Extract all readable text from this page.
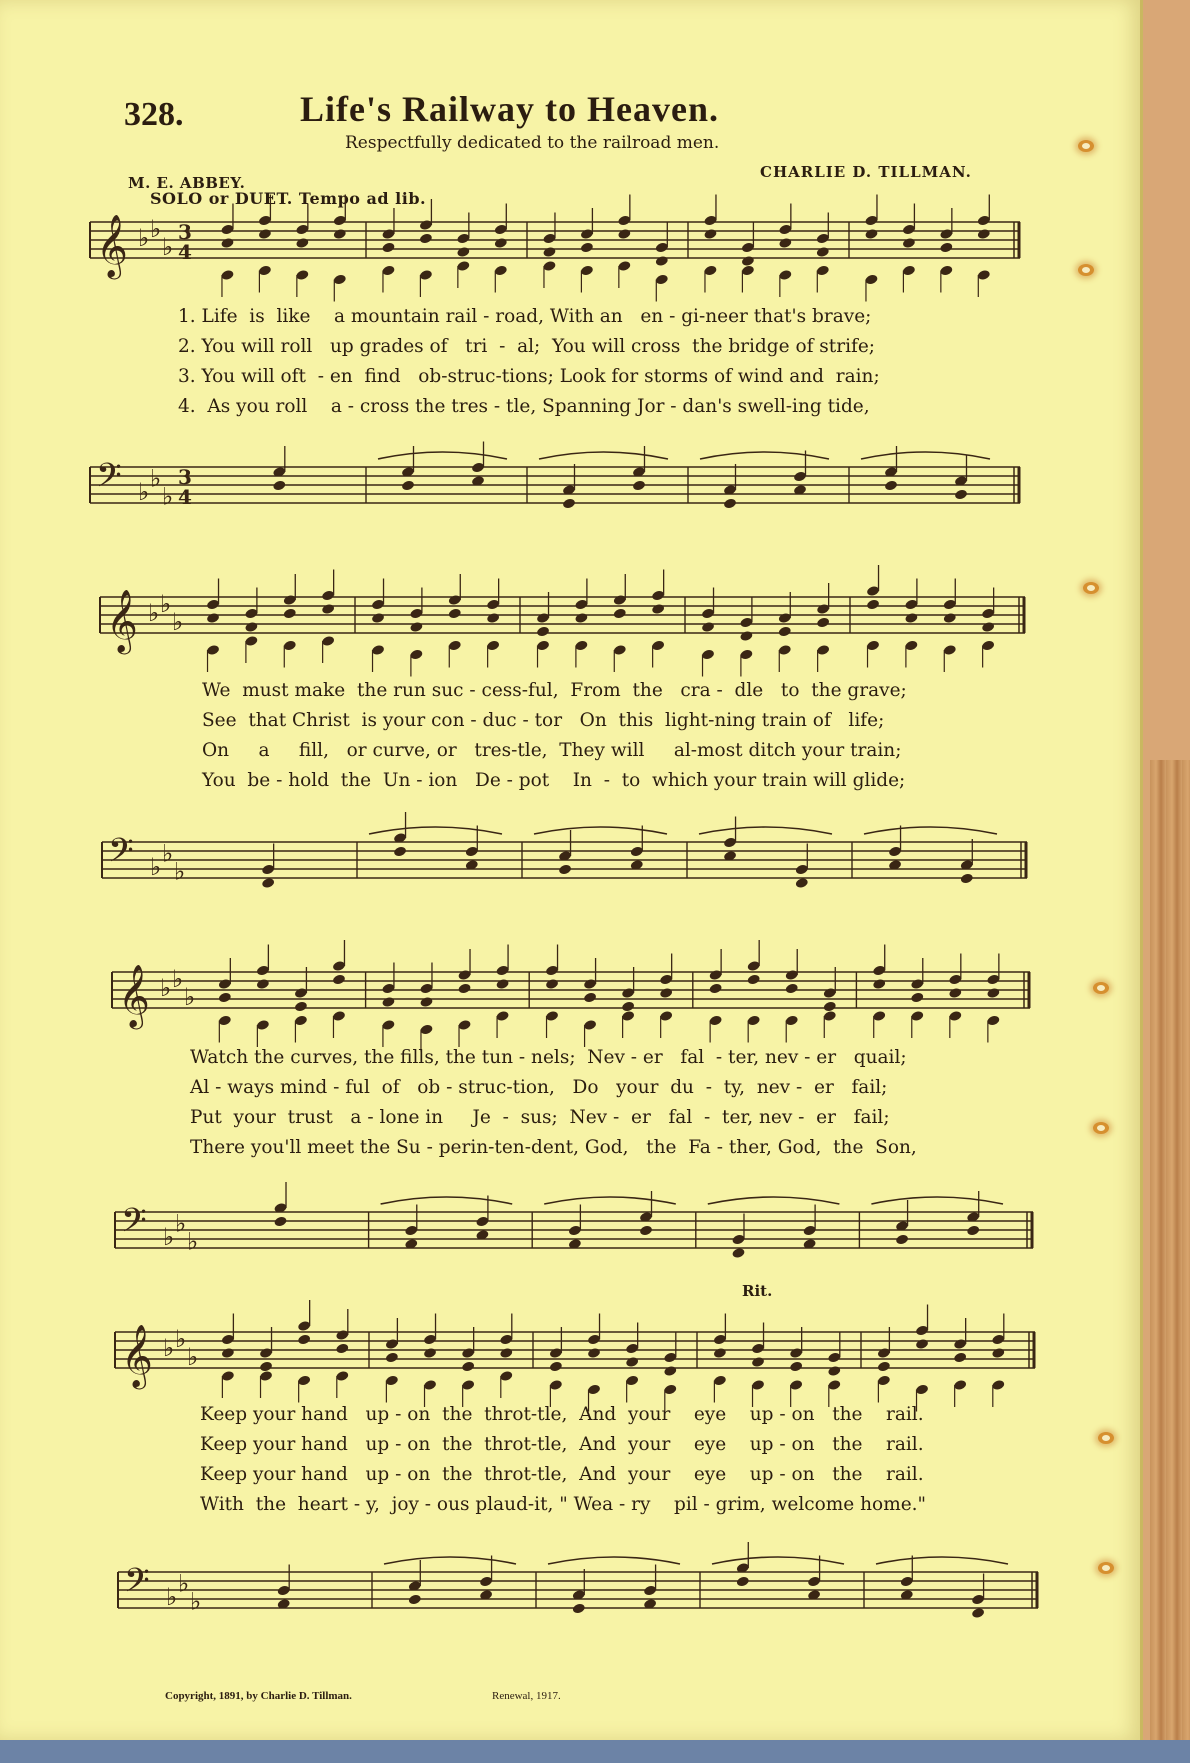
328.	Life's Railway to Heaven.
Respectfully dedicated to the railroad men.
CHARLIE D. TILLMAN.
M. E. ABBEY.
SOLO or DUET. Tempo ad lib.
Rit.
𝄞 ♭ ♭
♭
3
4
1. Life  is  like    a mountain rail - road, With an   en - gi-neer that's brave;
2. You will roll   up grades of   tri  -  al;  You will cross  the bridge of strife;
3. You will oft  - en  find   ob-struc-tions; Look for storms of wind and  rain;
4.  As you roll    a - cross the tres - tle, Spanning Jor - dan's swell-ing tide,
𝄢 ♭ ♭
♭
3
4
𝄞 ♭ ♭
♭
We  must make  the run suc - cess-ful,  From  the   cra -  dle   to  the grave;
See  that Christ  is your con - duc - tor   On  this  light-ning train of   life;
On     a     fill,   or curve, or   tres-tle,  They will     al-most ditch your train;
You  be - hold  the  Un - ion   De - pot    In  -  to  which your train will glide;
𝄢 ♭ ♭
♭
𝄞 ♭ ♭
♭
Watch the curves, the fills, the tun - nels;  Nev - er   fal  - ter, nev - er   quail;
Al - ways mind - ful  of   ob - struc-tion,   Do   your  du  -  ty,  nev -  er   fail;
Put  your  trust   a - lone in     Je  -  sus;  Nev -  er   fal  -  ter, nev -  er   fail;
There you'll meet the Su - perin-ten-dent, God,   the  Fa - ther, God,  the  Son,
𝄢 ♭ ♭
♭
𝄞 ♭ ♭
♭
Keep your hand   up - on  the  throt-tle,  And  your    eye    up - on   the    rail.
Keep your hand   up - on  the  throt-tle,  And  your    eye    up - on   the    rail.
Keep your hand   up - on  the  throt-tle,  And  your    eye    up - on   the    rail.
With  the  heart - y,  joy - ous plaud-it, " Wea - ry    pil - grim, welcome home."
𝄢 ♭ ♭
♭
Copyright, 1891, by Charlie D. Tillman.	Renewal, 1917.
